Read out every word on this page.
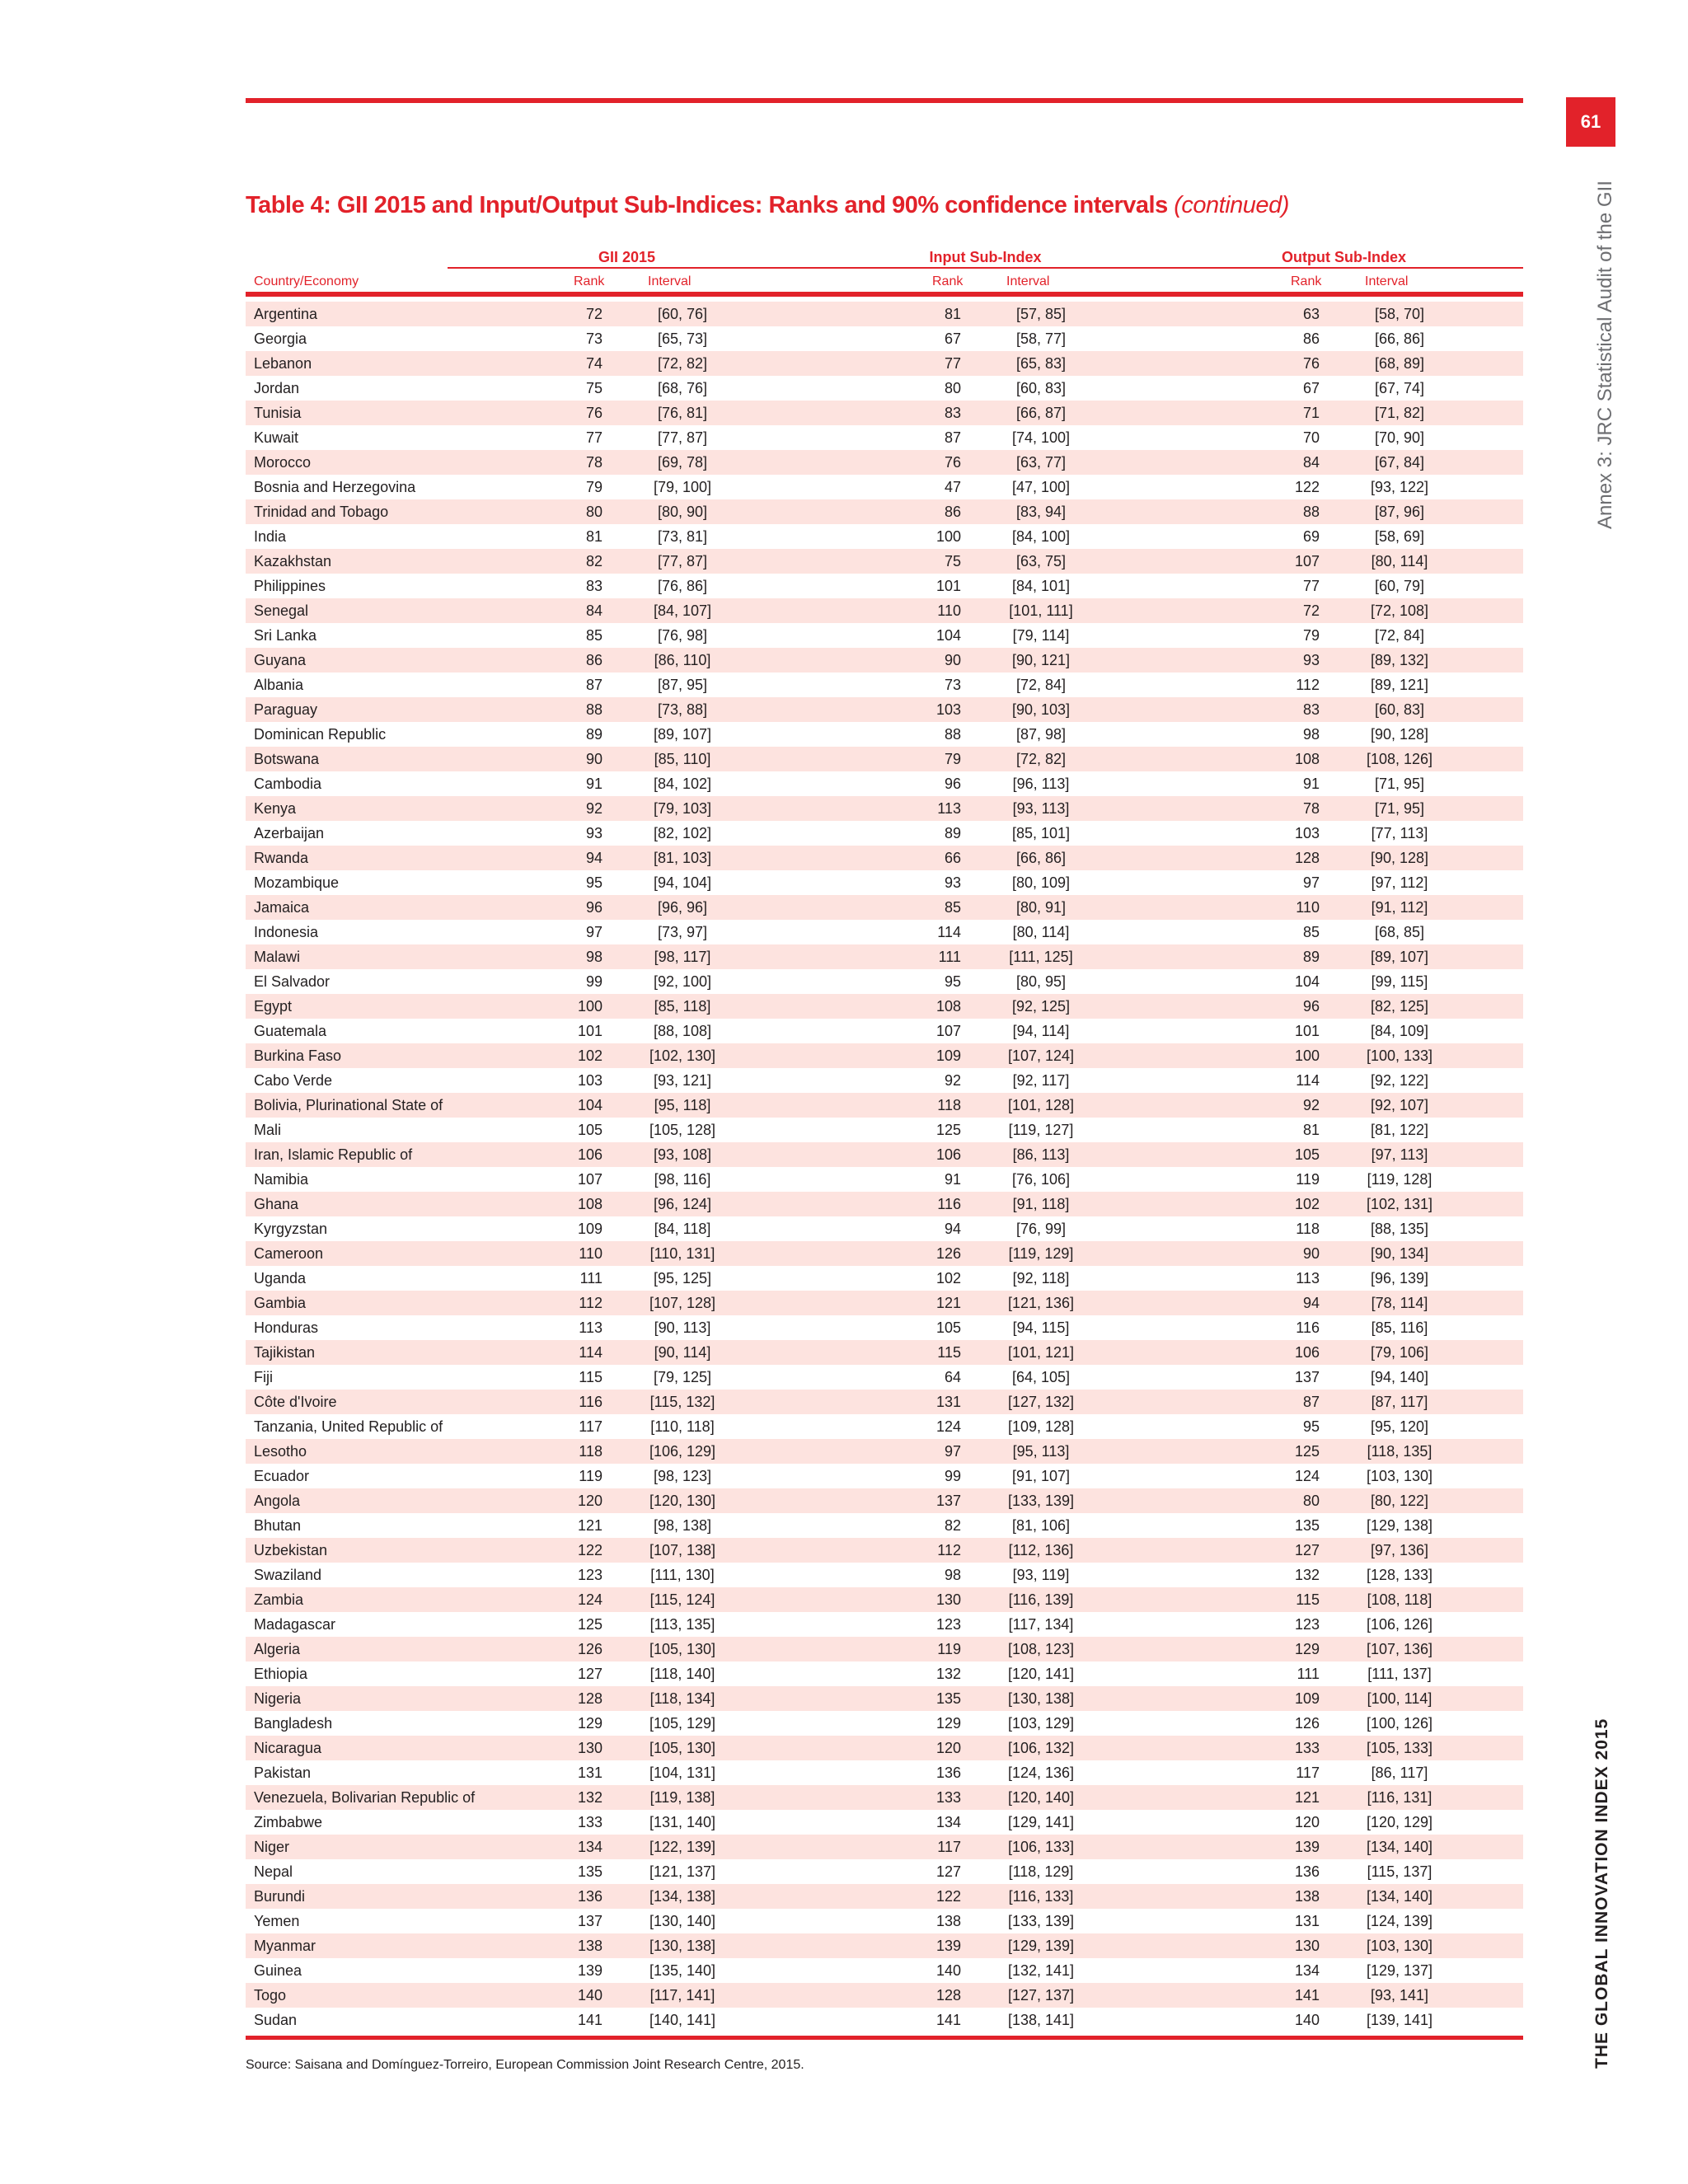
61
Annex 3: JRC Statistical Audit of the GII
THE GLOBAL INNOVATION INDEX 2015
Table 4: GII 2015 and Input/Output Sub-Indices: Ranks and 90% confidence intervals (continued)
GII 2015	Input Sub-Index	Output Sub-Index
Country/Economy	Rank	Interval	Rank	Interval	Rank	Interval
Argentina	72	[60, 76]	81	[57, 85]	63	[58, 70]
Georgia	73	[65, 73]	67	[58, 77]	86	[66, 86]
Lebanon	74	[72, 82]	77	[65, 83]	76	[68, 89]
Jordan	75	[68, 76]	80	[60, 83]	67	[67, 74]
Tunisia	76	[76, 81]	83	[66, 87]	71	[71, 82]
Kuwait	77	[77, 87]	87	[74, 100]	70	[70, 90]
Morocco	78	[69, 78]	76	[63, 77]	84	[67, 84]
Bosnia and Herzegovina	79	[79, 100]	47	[47, 100]	122	[93, 122]
Trinidad and Tobago	80	[80, 90]	86	[83, 94]	88	[87, 96]
India	81	[73, 81]	100	[84, 100]	69	[58, 69]
Kazakhstan	82	[77, 87]	75	[63, 75]	107	[80, 114]
Philippines	83	[76, 86]	101	[84, 101]	77	[60, 79]
Senegal	84	[84, 107]	110	[101, 111]	72	[72, 108]
Sri Lanka	85	[76, 98]	104	[79, 114]	79	[72, 84]
Guyana	86	[86, 110]	90	[90, 121]	93	[89, 132]
Albania	87	[87, 95]	73	[72, 84]	112	[89, 121]
Paraguay	88	[73, 88]	103	[90, 103]	83	[60, 83]
Dominican Republic	89	[89, 107]	88	[87, 98]	98	[90, 128]
Botswana	90	[85, 110]	79	[72, 82]	108	[108, 126]
Cambodia	91	[84, 102]	96	[96, 113]	91	[71, 95]
Kenya	92	[79, 103]	113	[93, 113]	78	[71, 95]
Azerbaijan	93	[82, 102]	89	[85, 101]	103	[77, 113]
Rwanda	94	[81, 103]	66	[66, 86]	128	[90, 128]
Mozambique	95	[94, 104]	93	[80, 109]	97	[97, 112]
Jamaica	96	[96, 96]	85	[80, 91]	110	[91, 112]
Indonesia	97	[73, 97]	114	[80, 114]	85	[68, 85]
Malawi	98	[98, 117]	111	[111, 125]	89	[89, 107]
El Salvador	99	[92, 100]	95	[80, 95]	104	[99, 115]
Egypt	100	[85, 118]	108	[92, 125]	96	[82, 125]
Guatemala	101	[88, 108]	107	[94, 114]	101	[84, 109]
Burkina Faso	102	[102, 130]	109	[107, 124]	100	[100, 133]
Cabo Verde	103	[93, 121]	92	[92, 117]	114	[92, 122]
Bolivia, Plurinational State of	104	[95, 118]	118	[101, 128]	92	[92, 107]
Mali	105	[105, 128]	125	[119, 127]	81	[81, 122]
Iran, Islamic Republic of	106	[93, 108]	106	[86, 113]	105	[97, 113]
Namibia	107	[98, 116]	91	[76, 106]	119	[119, 128]
Ghana	108	[96, 124]	116	[91, 118]	102	[102, 131]
Kyrgyzstan	109	[84, 118]	94	[76, 99]	118	[88, 135]
Cameroon	110	[110, 131]	126	[119, 129]	90	[90, 134]
Uganda	111	[95, 125]	102	[92, 118]	113	[96, 139]
Gambia	112	[107, 128]	121	[121, 136]	94	[78, 114]
Honduras	113	[90, 113]	105	[94, 115]	116	[85, 116]
Tajikistan	114	[90, 114]	115	[101, 121]	106	[79, 106]
Fiji	115	[79, 125]	64	[64, 105]	137	[94, 140]
Côte d'Ivoire	116	[115, 132]	131	[127, 132]	87	[87, 117]
Tanzania, United Republic of	117	[110, 118]	124	[109, 128]	95	[95, 120]
Lesotho	118	[106, 129]	97	[95, 113]	125	[118, 135]
Ecuador	119	[98, 123]	99	[91, 107]	124	[103, 130]
Angola	120	[120, 130]	137	[133, 139]	80	[80, 122]
Bhutan	121	[98, 138]	82	[81, 106]	135	[129, 138]
Uzbekistan	122	[107, 138]	112	[112, 136]	127	[97, 136]
Swaziland	123	[111, 130]	98	[93, 119]	132	[128, 133]
Zambia	124	[115, 124]	130	[116, 139]	115	[108, 118]
Madagascar	125	[113, 135]	123	[117, 134]	123	[106, 126]
Algeria	126	[105, 130]	119	[108, 123]	129	[107, 136]
Ethiopia	127	[118, 140]	132	[120, 141]	111	[111, 137]
Nigeria	128	[118, 134]	135	[130, 138]	109	[100, 114]
Bangladesh	129	[105, 129]	129	[103, 129]	126	[100, 126]
Nicaragua	130	[105, 130]	120	[106, 132]	133	[105, 133]
Pakistan	131	[104, 131]	136	[124, 136]	117	[86, 117]
Venezuela, Bolivarian Republic of	132	[119, 138]	133	[120, 140]	121	[116, 131]
Zimbabwe	133	[131, 140]	134	[129, 141]	120	[120, 129]
Niger	134	[122, 139]	117	[106, 133]	139	[134, 140]
Nepal	135	[121, 137]	127	[118, 129]	136	[115, 137]
Burundi	136	[134, 138]	122	[116, 133]	138	[134, 140]
Yemen	137	[130, 140]	138	[133, 139]	131	[124, 139]
Myanmar	138	[130, 138]	139	[129, 139]	130	[103, 130]
Guinea	139	[135, 140]	140	[132, 141]	134	[129, 137]
Togo	140	[117, 141]	128	[127, 137]	141	[93, 141]
Sudan	141	[140, 141]	141	[138, 141]	140	[139, 141]
Source: Saisana and Domínguez-Torreiro, European Commission Joint Research Centre, 2015.
